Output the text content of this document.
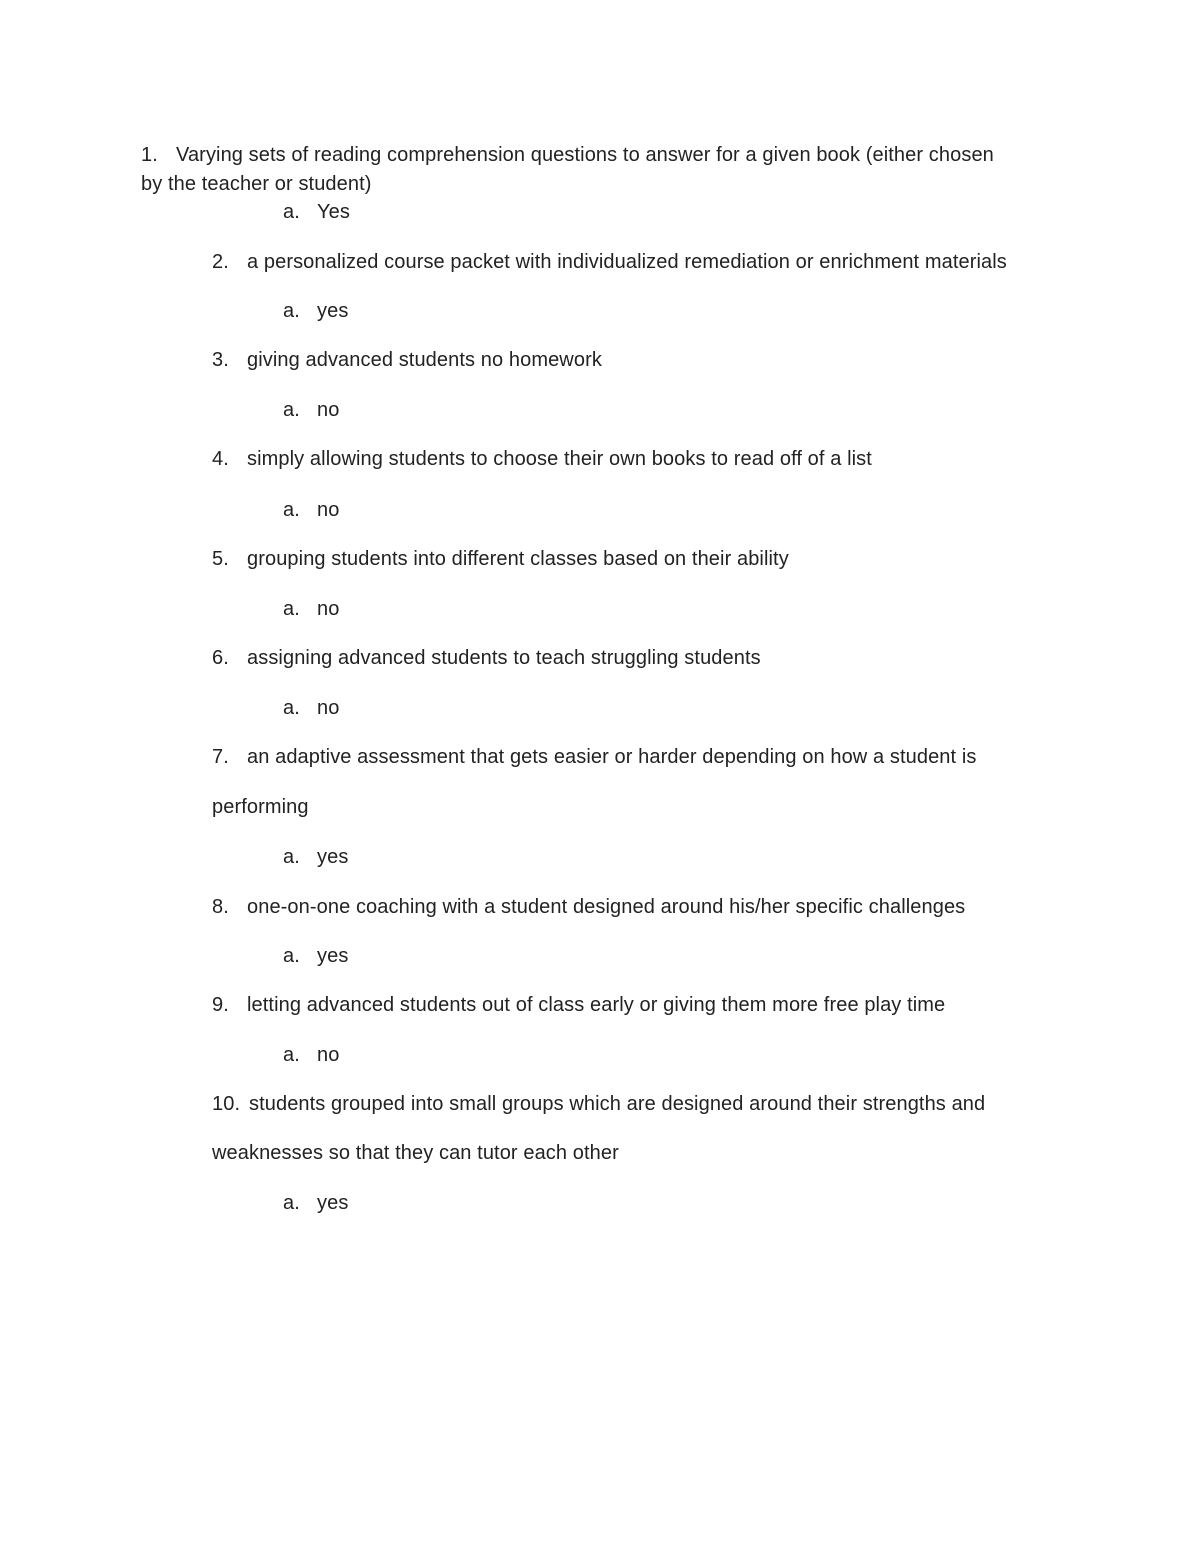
1. Varying sets of reading comprehension questions to answer for a given book (either chosen
by the teacher or student)
a. Yes
2. a personalized course packet with individualized remediation or enrichment materials
a. yes
3. giving advanced students no homework
a. no
4. simply allowing students to choose their own books to read off of a list
a. no
5. grouping students into different classes based on their ability
a. no
6. assigning advanced students to teach struggling students
a. no
7. an adaptive assessment that gets easier or harder depending on how a student is
performing
a. yes
8. one-on-one coaching with a student designed around his/her specific challenges
a. yes
9. letting advanced students out of class early or giving them more free play time
a. no
10. students grouped into small groups which are designed around their strengths and
weaknesses so that they can tutor each other
a. yes
